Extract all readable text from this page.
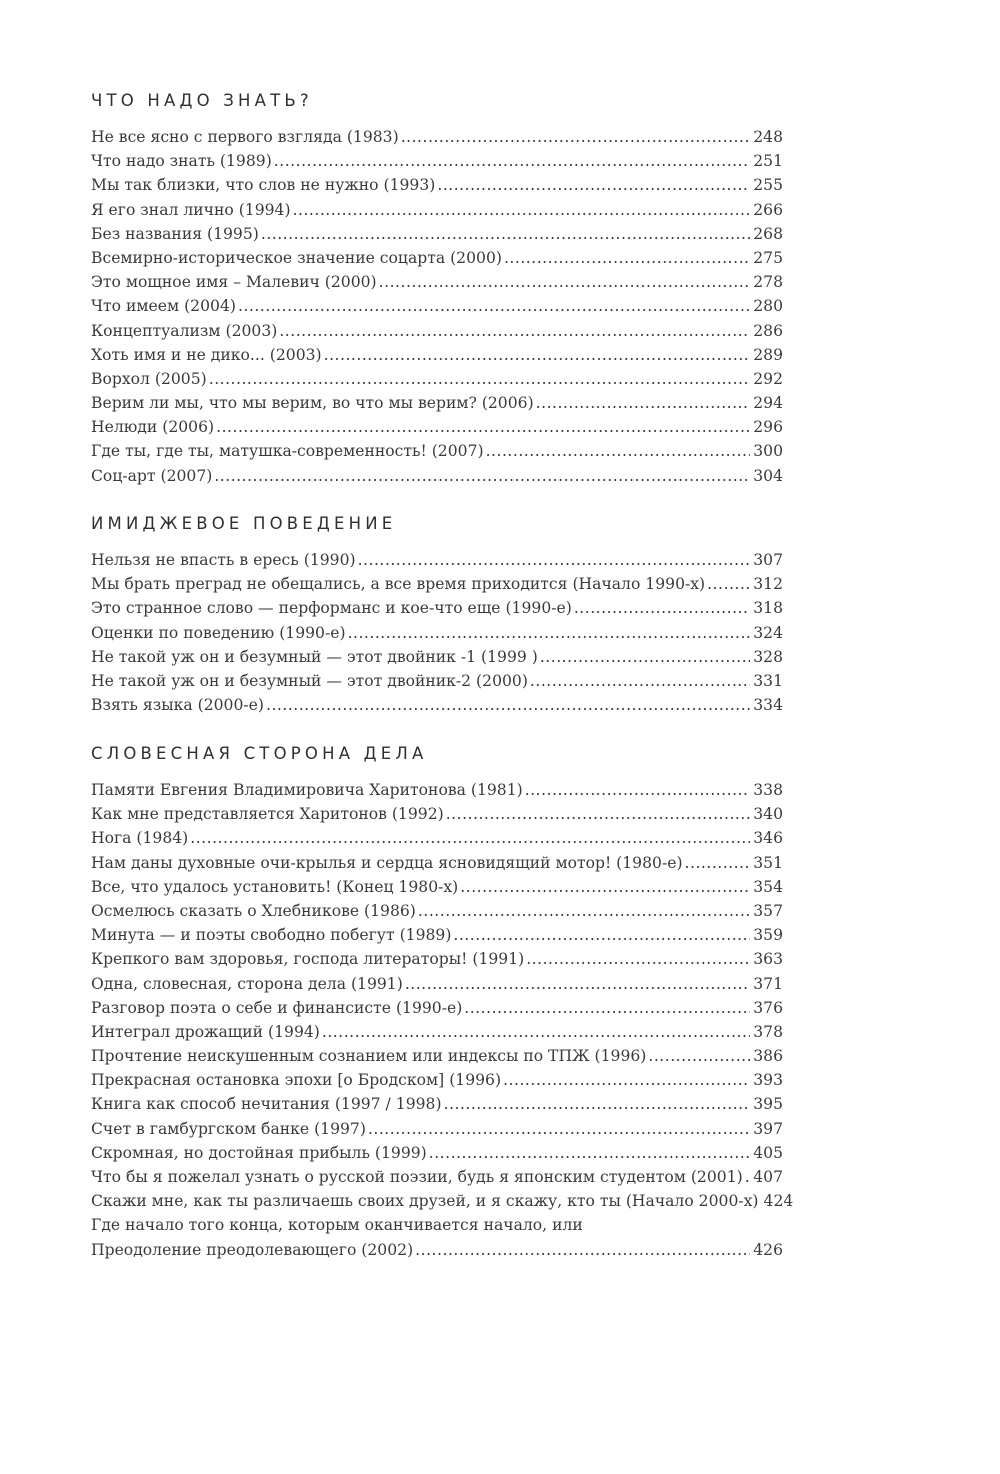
ЧТО НАДО ЗНАТЬ?
Не все ясно с первого взгляда (1983) .....	248
Что надо знать (1989) .....	251
Мы так близки, что слов не нужно (1993) .....	255
Я его знал лично (1994) .....	266
Без названия (1995) .....	268
Всемирно-историческое значение соцарта (2000) .....	275
Это мощное имя – Малевич (2000) .....	278
Что имеем (2004) .....	280
Концептуализм (2003) .....	286
Хоть имя и не дико... (2003) .....	289
Ворхол (2005) .....	292
Верим ли мы, что мы верим, во что мы верим? (2006) .....	294
Нелюди (2006) .....	296
Где ты, где ты, матушка-современность! (2007) .....	300
Соц-арт (2007) .....	304
ИМИДЖЕВОЕ ПОВЕДЕНИЕ
Нельзя не впасть в ересь (1990) .....	307
Мы брать преград не обещались, а все время приходится (Начало 1990-х) .....	312
Это странное слово — перформанс и кое-что еще (1990-е) .....	318
Оценки по поведению (1990-е) .....	324
Не такой уж он и безумный — этот двойник -1 (1999 ) .....	328
Не такой уж он и безумный — этот двойник-2 (2000) .....	331
Взять языка (2000-е) .....	334
СЛОВЕСНАЯ СТОРОНА ДЕЛА
Памяти Евгения Владимировича Харитонова (1981) .....	338
Как мне представляется Харитонов (1992) .....	340
Нога (1984) .....	346
Нам даны духовные очи-крылья и сердца ясновидящий мотор! (1980-е) .....	351
Все, что удалось установить! (Конец 1980-х) .....	354
Осмелюсь сказать о Хлебникове (1986) .....	357
Минута — и поэты свободно побегут (1989) .....	359
Крепкого вам здоровья, господа литераторы! (1991) .....	363
Одна, словесная, сторона дела (1991) .....	371
Разговор поэта о себе и финансисте (1990-е) .....	376
Интеграл дрожащий (1994) .....	378
Прочтение неискушенным сознанием или индексы по ТПЖ (1996) .....	386
Прекрасная остановка эпохи [о Бродском] (1996) .....	393
Книга как способ нечитания (1997 / 1998) .....	395
Счет в гамбургском банке (1997) .....	397
Скромная, но достойная прибыль (1999) .....	405
Что бы я пожелал узнать о русской поэзии, будь я японским студентом (2001) ..... 407
Скажи мне, как ты различаешь своих друзей, и я скажу, кто ты (Начало 2000-х) 424
Где начало того конца, которым оканчивается начало, или
Преодоление преодолевающего (2002) .....	426
